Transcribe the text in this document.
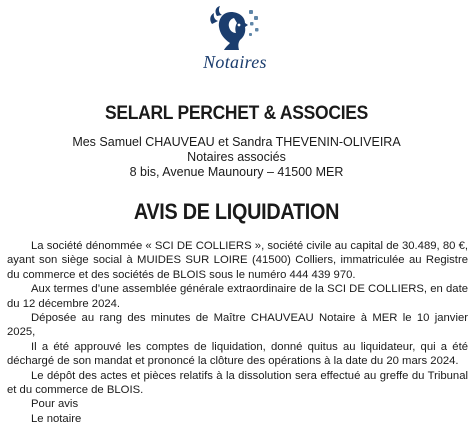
Notaires
SELARL PERCHET & ASSOCIES
Mes Samuel CHAUVEAU et Sandra THEVENIN-OLIVEIRA
Notaires associés
8 bis, Avenue Maunoury – 41500 MER
AVIS DE LIQUIDATION

La société dénommée « SCI DE COLLIERS », société civile au capital de 30.489, 80 €, ayant son siège social à MUIDES SUR LOIRE (41500) Colliers, immatriculée au Registre du commerce et des sociétés de BLOIS sous le numéro 444 439 970.

Aux termes d’une assemblée générale extraordinaire de la SCI DE COLLIERS, en date du 12 décembre 2024.

Déposée au rang des minutes de Maître CHAUVEAU Notaire à MER le 10 janvier 2025,

Il a été approuvé les comptes de liquidation, donné quitus au liquidateur, qui a été déchargé de son mandat et prononcé la clôture des opérations à la date du 20 mars 2024.

Le dépôt des actes et pièces relatifs à la dissolution sera effectué au greffe du Tribunal et du commerce de BLOIS.

Pour avis

Le notaire
